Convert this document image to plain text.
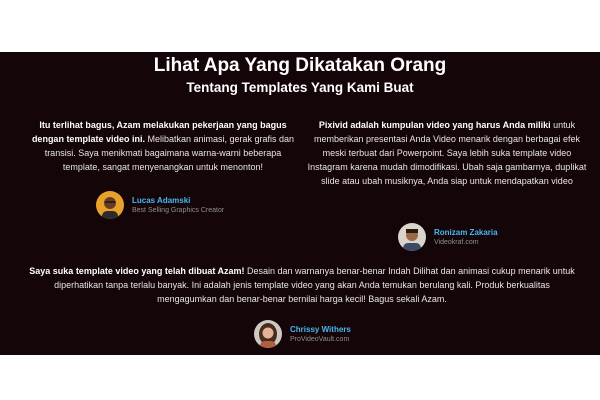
Lihat Apa Yang Dikatakan Orang
Tentang Templates Yang Kami Buat
Itu terlihat bagus, Azam melakukan pekerjaan yang bagus dengan template video ini. Melibatkan animasi, gerak grafis dan transisi. Saya menikmati bagaimana warna-warni beberapa template, sangat menyenangkan untuk menonton!
Lucas Adamski
Best Selling Graphics Creator
Pixivid adalah kumpulan video yang harus Anda miliki untuk memberikan presentasi Anda Video menarik dengan berbagai efek meski terbuat dari Powerpoint. Saya lebih suka template video Instagram karena mudah dimodifikasi. Ubah saja gambarnya, duplikat slide atau ubah musiknya, Anda siap untuk mendapatkan video
Ronizam Zakaria
Videokraf.com
Saya suka template video yang telah dibuat Azam! Desain dan warnanya benar-benar Indah Dilihat dan animasi cukup menarik untuk diperhatikan tanpa terlalu banyak. Ini adalah jenis template video yang akan Anda temukan berulang kali. Produk berkualitas mengagumkan dan benar-benar bernilai harga kecil! Bagus sekali Azam.
Chrissy Withers
ProVideoVault.com
